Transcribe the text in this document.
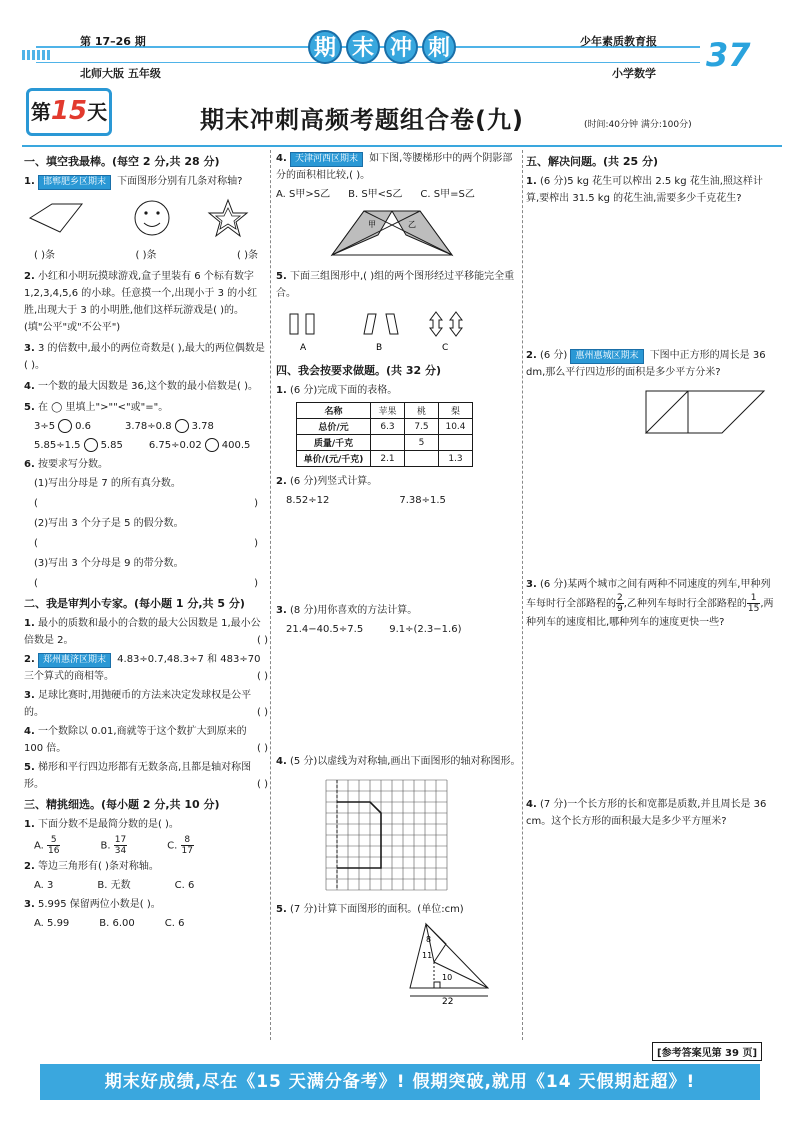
第 17–26 期
北师大版 五年级
期 末 冲 刺	少年素质教育报
小学数学 37
第15天	期末冲刺高频考题组合卷(九)	(时间:40分钟 满分:100分)
一、填空我最棒。(每空 2 分,共 28 分)
1. 邯郸肥乡区期末 下面图形分别有几条对称轴?
( )条	( )条	( )条
2. 小红和小明玩摸球游戏,盒子里装有 6 个标有数字 1,2,3,4,5,6 的小球。任意摸一个,出现小于 3 的小红胜,出现大于 3 的小明胜,他们这样玩游戏是( )的。(填"公平"或"不公平")
3. 3 的倍数中,最小的两位奇数是( ),最大的两位偶数是( )。
4. 一个数的最大因数是 36,这个数的最小倍数是( )。
5. 在 ◯ 里填上">""<"或"="。
3÷5 0.6	3.78÷0.8 3.78
5.85÷1.5 5.85	6.75÷0.02 400.5
6. 按要求写分数。
(1)写出分母是 7 的所有真分数。
(	)
(2)写出 3 个分子是 5 的假分数。
(	)
(3)写出 3 个分母是 9 的带分数。
(	)
二、我是审判小专家。(每小题 1 分,共 5 分)
1. 最小的质数和最小的合数的最大公因数是 1,最小公倍数是 2。	( )
2. 郑州惠济区期末 4.83÷0.7,48.3÷7 和 483÷70 三个算式的商相等。	( )
3. 足球比赛时,用抛硬币的方法来决定发球权是公平的。	( )
4. 一个数除以 0.01,商就等于这个数扩大到原来的 100 倍。	( )
5. 梯形和平行四边形都有无数条高,且都是轴对称图形。	( )
三、精挑细选。(每小题 2 分,共 10 分)
1. 下面分数不是最简分数的是( )。
A. $\frac{5}{16}$	B. $\frac{17}{34}$	C. $\frac{8}{17}$
2. 等边三角形有( )条对称轴。
A. 3	B. 无数	C. 6
3. 5.99̇5 保留两位小数是( )。
A. 5.99	B. 6.00	C. 6
4. 天津河西区期末 如下图,等腰梯形中的两个阴影部分的面积相比较,( )。
A. S甲>S乙 B. S甲<S乙 C. S甲=S乙
甲	乙
5. 下面三组图形中,( )组的两个图形经过平移能完全重合。
A	B	C
四、我会按要求做题。(共 32 分)
1. (6 分)完成下面的表格。
名称	苹果	桃	梨
总价/元	6.3	7.5	10.4
质量/千克		5	
单价/(元/千克)	2.1		1.3
2. (6 分)列竖式计算。
8.52÷12	7.38÷1.5
3. (8 分)用你喜欢的方法计算。
21.4−40.5÷7.5	9.1÷(2.3−1.6)
4. (5 分)以虚线为对称轴,画出下面图形的轴对称图形。
5. (7 分)计算下面图形的面积。(单位:cm)
8
11
10
22
五、解决问题。(共 25 分)
1. (6 分)5 kg 花生可以榨出 2.5 kg 花生油,照这样计算,要榨出 31.5 kg 的花生油,需要多少千克花生?
2. (6 分) 惠州惠城区期末 下图中正方形的周长是 36 dm,那么平行四边形的面积是多少平方分米?
3. (6 分)某两个城市之间有两种不同速度的列车,甲种列车每时行全部路程的 $\frac{2}{9}$ ,乙种列车每时行全部路程的 $\frac{1}{15}$ ,两种列车的速度相比,哪种列车的速度更快一些?
4. (7 分)一个长方形的长和宽都是质数,并且周长是 36 cm。这个长方形的面积最大是多少平方厘米?
[参考答案见第 39 页]
期末好成绩,尽在《15 天满分备考》! 假期突破,就用《14 天假期赶超》!
